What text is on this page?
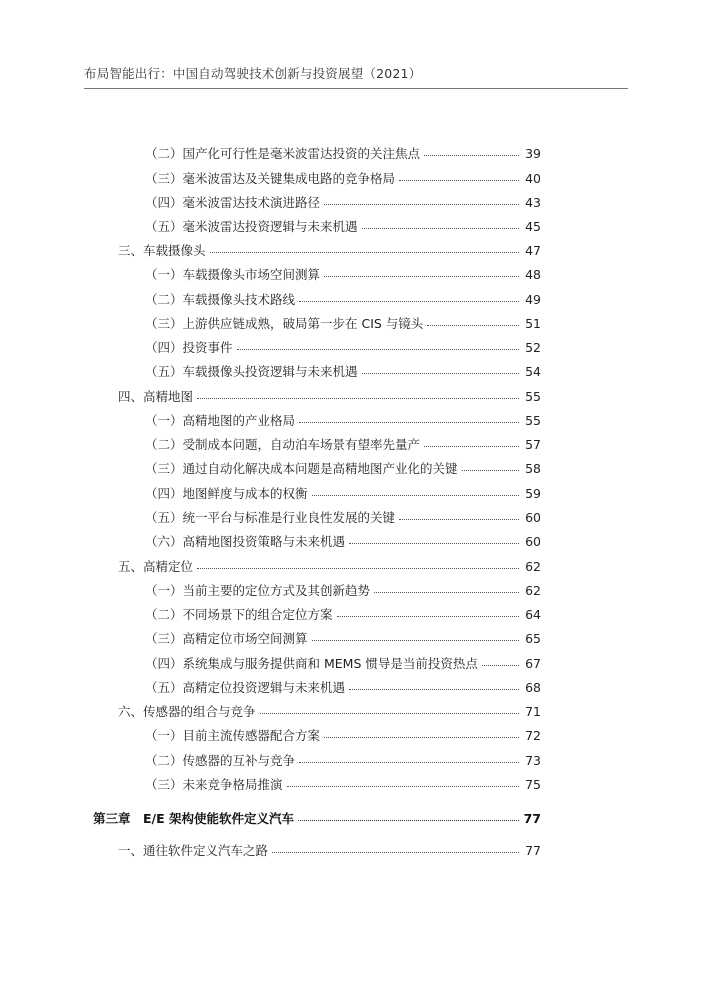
布局智能出行：中国自动驾驶技术创新与投资展望（2021）
（二）国产化可行性是毫米波雷达投资的关注焦点	39
（三）毫米波雷达及关键集成电路的竞争格局	40
（四）毫米波雷达技术演进路径	43
（五）毫米波雷达投资逻辑与未来机遇	45
三、车载摄像头	47
（一）车载摄像头市场空间测算	48
（二）车载摄像头技术路线	49
（三）上游供应链成熟，破局第一步在 CIS 与镜头	51
（四）投资事件	52
（五）车载摄像头投资逻辑与未来机遇	54
四、高精地图	55
（一）高精地图的产业格局	55
（二）受制成本问题，自动泊车场景有望率先量产	57
（三）通过自动化解决成本问题是高精地图产业化的关键	58
（四）地图鲜度与成本的权衡	59
（五）统一平台与标准是行业良性发展的关键	60
（六）高精地图投资策略与未来机遇	60
五、高精定位	62
（一）当前主要的定位方式及其创新趋势	62
（二）不同场景下的组合定位方案	64
（三）高精定位市场空间测算	65
（四）系统集成与服务提供商和 MEMS 惯导是当前投资热点	67
（五）高精定位投资逻辑与未来机遇	68
六、传感器的组合与竞争	71
（一）目前主流传感器配合方案	72
（二）传感器的互补与竞争	73
（三）未来竞争格局推演	75
第三章　E/E 架构使能软件定义汽车	77
一、通往软件定义汽车之路	77
